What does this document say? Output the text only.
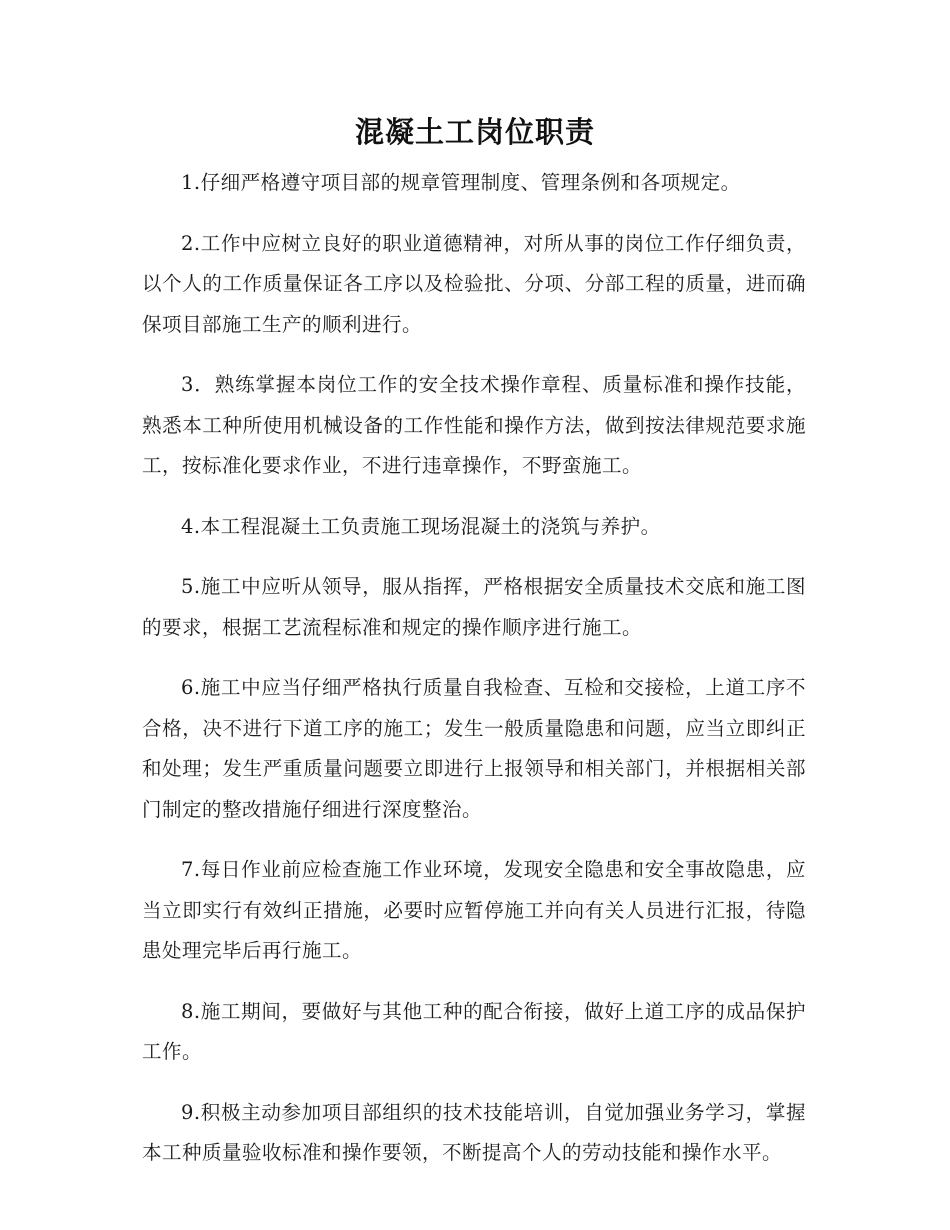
混凝土工岗位职责

1.仔细严格遵守项目部的规章管理制度、管理条例和各项规定。

2.工作中应树立良好的职业道德精神，对所从事的岗位工作仔细负责，以个人的工作质量保证各工序以及检验批、分项、分部工程的质量，进而确保项目部施工生产的顺利进行。

3．熟练掌握本岗位工作的安全技术操作章程、质量标准和操作技能，熟悉本工种所使用机械设备的工作性能和操作方法，做到按法律规范要求施工，按标准化要求作业，不进行违章操作，不野蛮施工。

4.本工程混凝土工负责施工现场混凝土的浇筑与养护。

5.施工中应听从领导，服从指挥，严格根据安全质量技术交底和施工图的要求，根据工艺流程标准和规定的操作顺序进行施工。

6.施工中应当仔细严格执行质量自我检查、互检和交接检，上道工序不合格，决不进行下道工序的施工；发生一般质量隐患和问题，应当立即纠正和处理；发生严重质量问题要立即进行上报领导和相关部门，并根据相关部门制定的整改措施仔细进行深度整治。

7.每日作业前应检查施工作业环境，发现安全隐患和安全事故隐患，应当立即实行有效纠正措施，必要时应暂停施工并向有关人员进行汇报，待隐患处理完毕后再行施工。

8.施工期间，要做好与其他工种的配合衔接，做好上道工序的成品保护工作。

9.积极主动参加项目部组织的技术技能培训，自觉加强业务学习，掌握本工种质量验收标准和操作要领，不断提高个人的劳动技能和操作水平。
